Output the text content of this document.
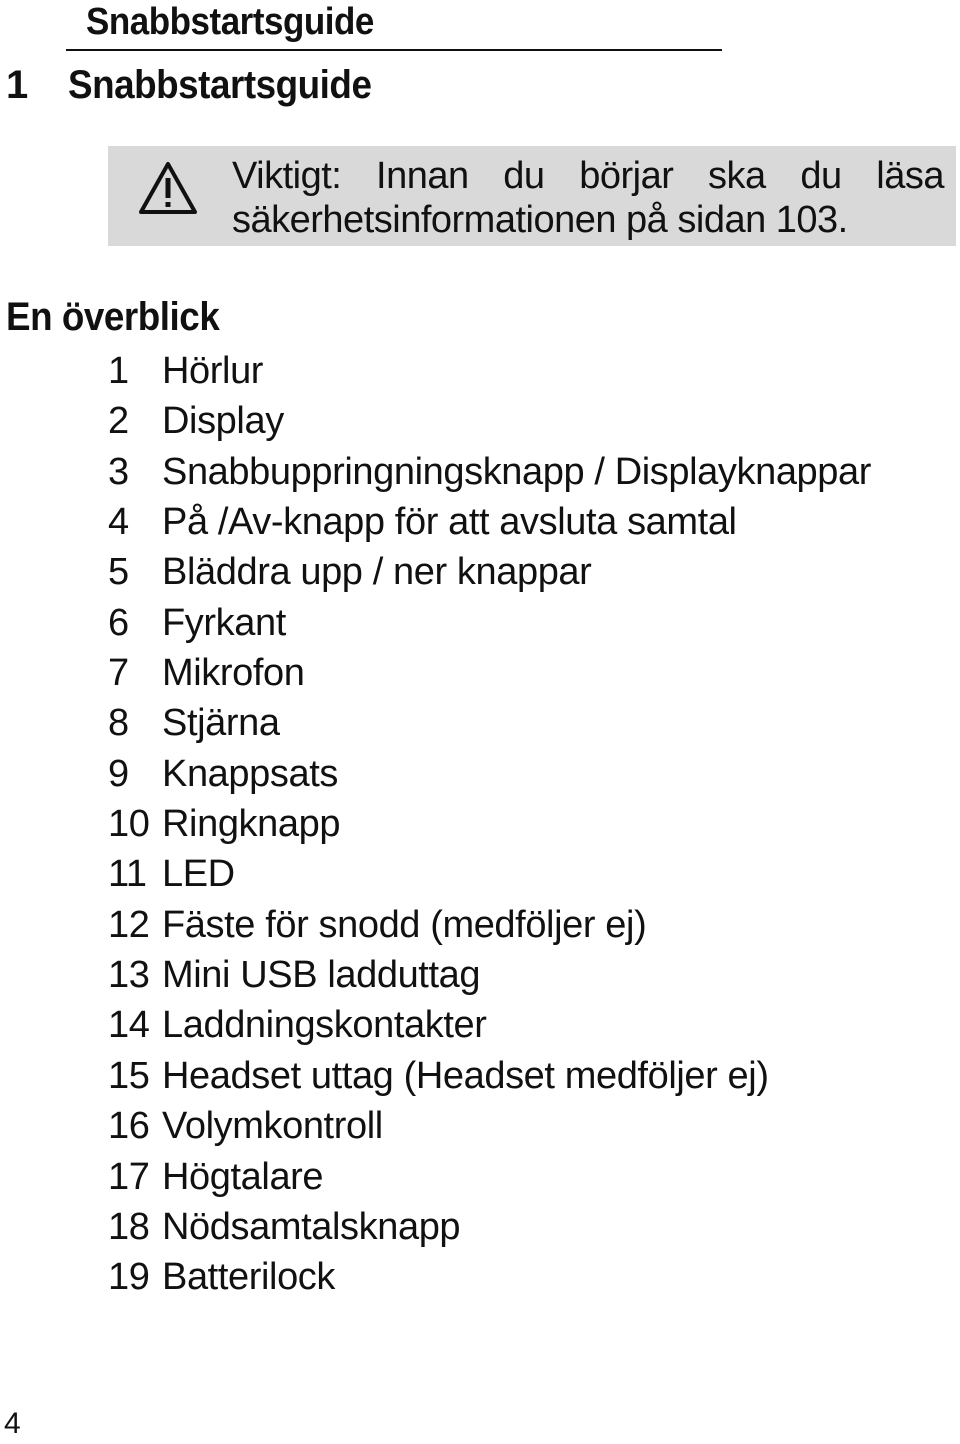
Snabbstartsguide
1 Snabbstartsguide
Viktigt: Innan du börjar ska du läsa
säkerhetsinformationen på sidan 103.
En överblick
1 Hörlur
2 Display
3 Snabbuppringningsknapp / Displayknappar
4 På /Av-knapp för att avsluta samtal
5 Bläddra upp / ner knappar
6 Fyrkant
7 Mikrofon
8 Stjärna
9 Knappsats
10 Ringknapp
11 LED
12 Fäste för snodd (medföljer ej)
13 Mini USB ladduttag
14 Laddningskontakter
15 Headset uttag (Headset medföljer ej)
16 Volymkontroll
17 Högtalare
18 Nödsamtalsknapp
19 Batterilock
4
